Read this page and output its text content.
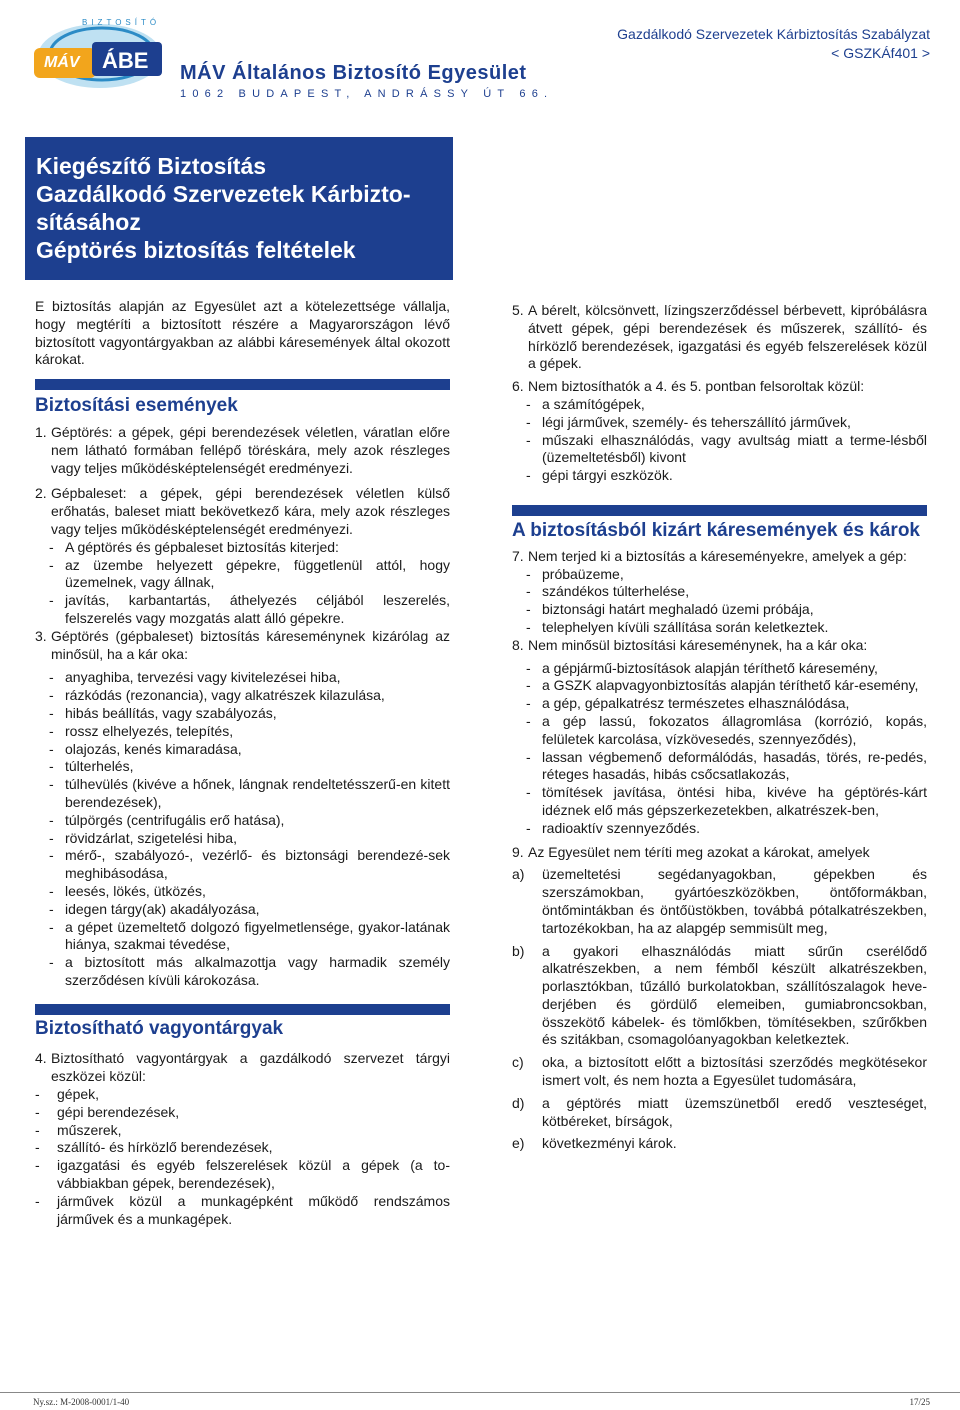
MÁV ÁBE
BIZTOSÍTÓ
MÁV Általános Biztosító Egyesület
1062 BUDAPEST, ANDRÁSSY ÚT 66.
Gazdálkodó Szervezetek Kárbiztosítás Szabályzat
< GSZKÁf401 >
Kiegészítő Biztosítás
Gazdálkodó Szervezetek Kárbizto-
sításához
Géptörés biztosítás feltételek
E biztosítás alapján az Egyesület azt a kötelezettsége vállalja, hogy megtéríti a biztosított részére a Magyarországon lévő biztosított vagyontárgyakban az alábbi káresemények által okozott károkat.
Biztosítási események
1. Géptörés: a gépek, gépi berendezések véletlen, váratlan előre nem látható formában fellépő töréskára, mely azok részleges vagy teljes működésképtelenségét eredményezi.
2. Gépbaleset: a gépek, gépi berendezések véletlen külső erőhatás, baleset miatt bekövetkező kára, mely azok részleges vagy teljes működésképtelenségét eredményezi.
- A géptörés és gépbaleset biztosítás kiterjed:
- az üzembe helyezett gépekre, függetlenül attól, hogy üzemelnek, vagy állnak,
- javítás, karbantartás, áthelyezés céljából leszerelés, felszerelés vagy mozgatás alatt álló gépekre.
3. Géptörés (gépbaleset) biztosítás káreseménynek kizárólag az minősül, ha a kár oka:
- anyaghiba, tervezési vagy kivitelezései hiba,
- rázkódás (rezonancia), vagy alkatrészek kilazulása,
- hibás beállítás, vagy szabályozás,
- rossz elhelyezés, telepítés,
- olajozás, kenés kimaradása,
- túlterhelés,
- túlhevülés (kivéve a hőnek, lángnak rendeltetésszerű-en kitett berendezések),
- túlpörgés (centrifugális erő hatása),
- rövidzárlat, szigetelési hiba,
- mérő-, szabályozó-, vezérlő- és biztonsági berendezé-sek meghibásodása,
- leesés, lökés, ütközés,
- idegen tárgy(ak) akadályozása,
- a gépet üzemeltető dolgozó figyelmetlensége, gyakor-latának hiánya, szakmai tévedése,
- a biztosított más alkalmazottja vagy harmadik személy szerződésen kívüli károkozása.
Biztosítható vagyontárgyak
4. Biztosítható vagyontárgyak a gazdálkodó szervezet tárgyi eszközei közül:
- gépek,
- gépi berendezések,
- műszerek,
- szállító- és hírközlő berendezések,
- igazgatási és egyéb felszerelések közül a gépek (a to-vábbiakban gépek, berendezések),
- járművek közül a munkagépként működő rendszámos járművek és a munkagépek.
5. A bérelt, kölcsönvett, lízingszerződéssel bérbevett, kipróbálásra átvett gépek, gépi berendezések és műszerek, szállító- és hírközlő berendezések, igazgatási és egyéb felszerelések közül a gépek.
6. Nem biztosíthatók a 4. és 5. pontban felsoroltak közül:
- a számítógépek,
- légi járművek, személy- és teherszállító járművek,
- műszaki elhasználódás, vagy avultság miatt a terme-lésből (üzemeltetésből) kivont
- gépi tárgyi eszközök.
A biztosításból kizárt káresemények és károk
7. Nem terjed ki a biztosítás a káreseményekre, amelyek a gép:
- próbaüzeme,
- szándékos túlterhelése,
- biztonsági határt meghaladó üzemi próbája,
- telephelyen kívüli szállítása során keletkeztek.
8. Nem minősül biztosítási káreseménynek, ha a kár oka:
- a gépjármű-biztosítások alapján téríthető káresemény,
- a GSZK alapvagyonbiztosítás alapján téríthető kár-esemény,
- a gép, gépalkatrész természetes elhasználódása,
- a gép lassú, fokozatos állagromlása (korrózió, kopás, felületek karcolása, vízkövesedés, szennyeződés),
- lassan végbemenő deformálódás, hasadás, törés, re-pedés, réteges hasadás, hibás csőcsatlakozás,
- tömítések javítása, öntési hiba, kivéve ha géptörés-kárt idéznek elő más gépszerkezetekben, alkatrészek-ben,
- radioaktív szennyeződés.
9. Az Egyesület nem téríti meg azokat a károkat, amelyek
a) üzemeltetési segédanyagokban, gépekben és szerszámokban, gyártóeszközökben, öntőformákban, öntőmintákban és öntőüstökben, továbbá pótalkatrészekben, tartozékokban, ha az alapgép semmisült meg,
b) a gyakori elhasználódás miatt sűrűn cserélődő alkatrészekben, a nem fémből készült alkatrészekben, porlasztókban, tűzálló burkolatokban, szállítószalagok heve-derjében és gördülő elemeiben, gumiabroncsokban, összekötő kábelek- és tömlőkben, tömítésekben, szűrőkben és szitákban, csomagolóanyagokban keletkeztek.
c) oka, a biztosított előtt a biztosítási szerződés megkötésekor ismert volt, és nem hozta a Egyesület tudomására,
d) a géptörés miatt üzemszünetből eredő veszteséget, kötbéreket, bírságok,
e) következményi károk.
Ny.sz.: M-2008-0001/1-40	17/25
